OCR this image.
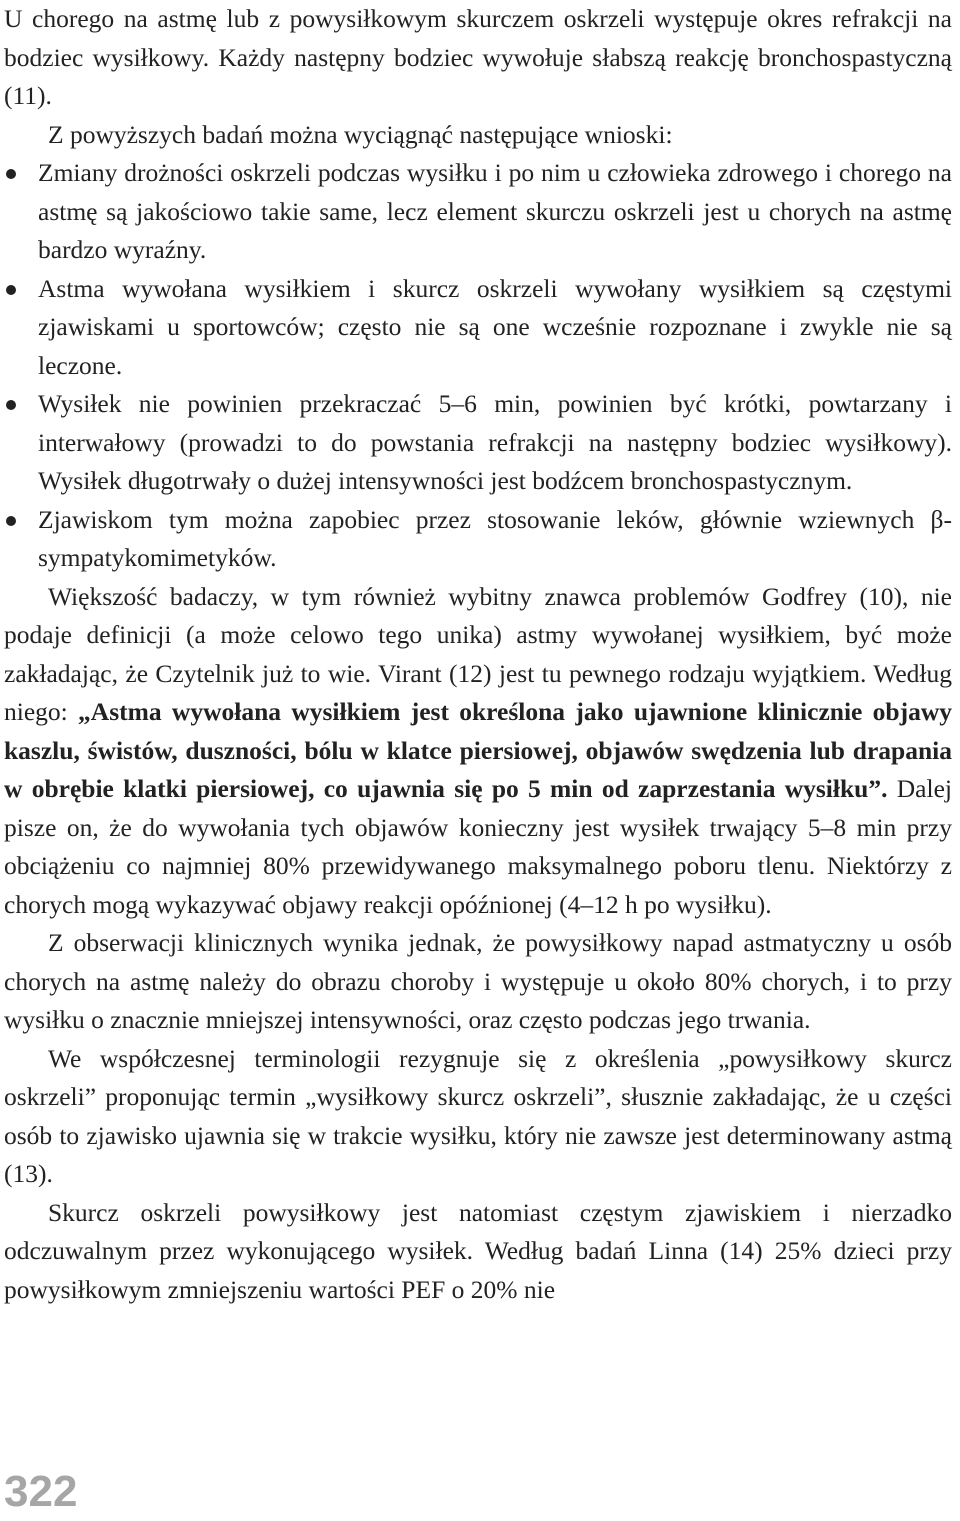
U chorego na astmę lub z powysiłkowym skurczem oskrzeli występuje okres refrakcji na bodziec wysiłkowy. Każdy następny bodziec wywołuje słabszą reakcję bronchospastyczną (11).

Z powyższych badań można wyciągnąć następujące wnioski:

Zmiany drożności oskrzeli podczas wysiłku i po nim u człowieka zdrowego i chorego na astmę są jakościowo takie same, lecz element skurczu oskrzeli jest u chorych na astmę bardzo wyraźny.
Astma wywołana wysiłkiem i skurcz oskrzeli wywołany wysiłkiem są częstymi zjawiskami u sportowców; często nie są one wcześnie rozpoznane i zwykle nie są leczone.
Wysiłek nie powinien przekraczać 5–6 min, powinien być krótki, powtarzany i interwałowy (prowadzi to do powstania refrakcji na następny bodziec wysiłkowy). Wysiłek długotrwały o dużej intensywności jest bodźcem bronchospastycznym.
Zjawiskom tym można zapobiec przez stosowanie leków, głównie wziewnych β-sympatykomimetyków.

Większość badaczy, w tym również wybitny znawca problemów Godfrey (10), nie podaje definicji (a może celowo tego unika) astmy wywołanej wysiłkiem, być może zakładając, że Czytelnik już to wie. Virant (12) jest tu pewnego rodzaju wyjątkiem. Według niego: „Astma wywołana wysiłkiem jest określona jako ujawnione klinicznie objawy kaszlu, świstów, duszności, bólu w klatce piersiowej, objawów swędzenia lub drapania w obrębie klatki piersiowej, co ujawnia się po 5 min od zaprzestania wysiłku”. Dalej pisze on, że do wywołania tych objawów konieczny jest wysiłek trwający 5–8 min przy obciążeniu co najmniej 80% przewidywanego maksymalnego poboru tlenu. Niektórzy z chorych mogą wykazywać objawy reakcji opóźnionej (4–12 h po wysiłku).

Z obserwacji klinicznych wynika jednak, że powysiłkowy napad astmatyczny u osób chorych na astmę należy do obrazu choroby i występuje u około 80% chorych, i to przy wysiłku o znacznie mniejszej intensywności, oraz często podczas jego trwania.

We współczesnej terminologii rezygnuje się z określenia „powysiłkowy skurcz oskrzeli” proponując termin „wysiłkowy skurcz oskrzeli”, słusznie zakładając, że u części osób to zjawisko ujawnia się w trakcie wysiłku, który nie zawsze jest determinowany astmą (13).

Skurcz oskrzeli powysiłkowy jest natomiast częstym zjawiskiem i nierzadko odczuwalnym przez wykonującego wysiłek. Według badań Linna (14) 25% dzieci przy powysiłkowym zmniejszeniu wartości PEF o 20% nie

322
